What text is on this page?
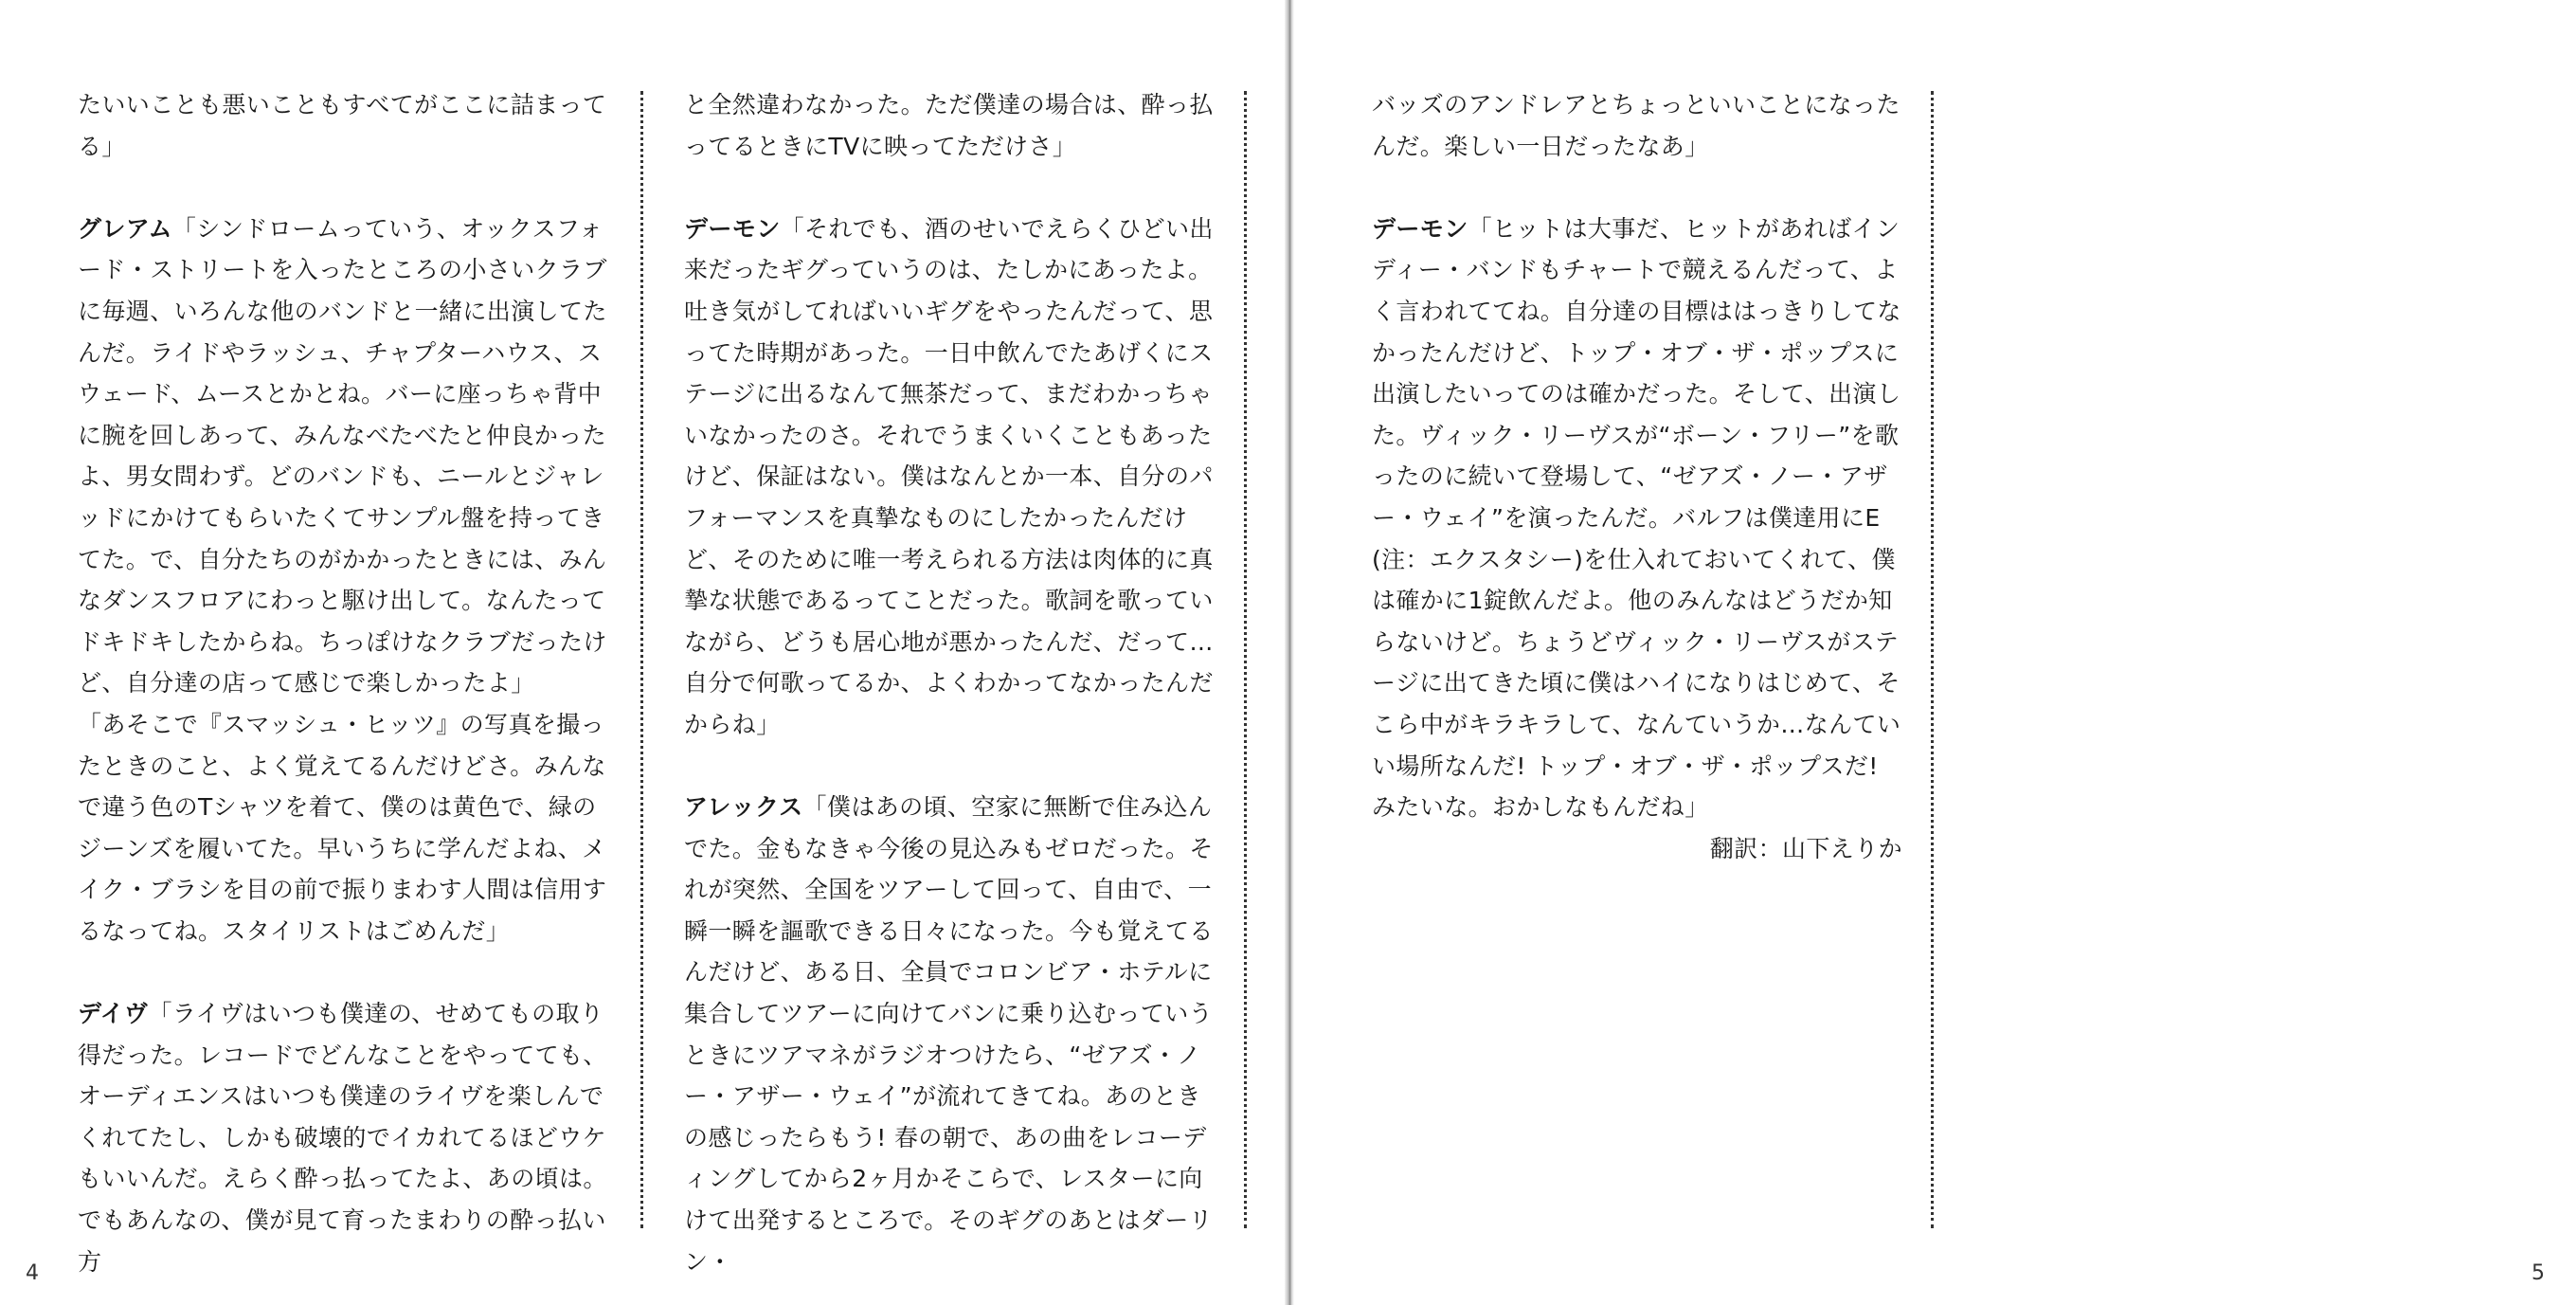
たいいことも悪いこともすべてがここに詰まってる」

グレアム「シンドロームっていう、オックスフォード・ストリートを入ったところの小さいクラブに毎週、いろんな他のバンドと一緒に出演してたんだ。ライドやラッシュ、チャプターハウス、スウェード、ムースとかとね。バーに座っちゃ背中に腕を回しあって、みんなべたべたと仲良かったよ、男女問わず。どのバンドも、ニールとジャレッドにかけてもらいたくてサンプル盤を持ってきてた。で、自分たちのがかかったときには、みんなダンスフロアにわっと駆け出して。なんたってドキドキしたからね。ちっぽけなクラブだったけど、自分達の店って感じで楽しかったよ」

「あそこで『スマッシュ・ヒッツ』の写真を撮ったときのこと、よく覚えてるんだけどさ。みんなで違う色のTシャツを着て、僕のは黄色で、緑のジーンズを履いてた。早いうちに学んだよね、メイク・ブラシを目の前で振りまわす人間は信用するなってね。スタイリストはごめんだ」

デイヴ「ライヴはいつも僕達の、せめてもの取り得だった。レコードでどんなことをやってても、オーディエンスはいつも僕達のライヴを楽しんでくれてたし、しかも破壊的でイカれてるほどウケもいいんだ。えらく酔っ払ってたよ、あの頃は。でもあんなの、僕が見て育ったまわりの酔っ払い方

と全然違わなかった。ただ僕達の場合は、酔っ払ってるときにTVに映ってただけさ」

デーモン「それでも、酒のせいでえらくひどい出来だったギグっていうのは、たしかにあったよ。吐き気がしてればいいギグをやったんだって、思ってた時期があった。一日中飲んでたあげくにステージに出るなんて無茶だって、まだわかっちゃいなかったのさ。それでうまくいくこともあったけど、保証はない。僕はなんとか一本、自分のパフォーマンスを真摯なものにしたかったんだけど、そのために唯一考えられる方法は肉体的に真摯な状態であるってことだった。歌詞を歌っていながら、どうも居心地が悪かったんだ、だって…自分で何歌ってるか、よくわかってなかったんだからね」

アレックス「僕はあの頃、空家に無断で住み込んでた。金もなきゃ今後の見込みもゼロだった。それが突然、全国をツアーして回って、自由で、一瞬一瞬を謳歌できる日々になった。今も覚えてるんだけど、ある日、全員でコロンビア・ホテルに集合してツアーに向けてバンに乗り込むっていうときにツアマネがラジオつけたら、“ゼアズ・ノー・アザー・ウェイ”が流れてきてね。あのときの感じったらもう! 春の朝で、あの曲をレコーディングしてから2ヶ月かそこらで、レスターに向けて出発するところで。そのギグのあとはダーリン・

バッズのアンドレアとちょっといいことになったんだ。楽しい一日だったなあ」

デーモン「ヒットは大事だ、ヒットがあればインディー・バンドもチャートで競えるんだって、よく言われててね。自分達の目標ははっきりしてなかったんだけど、トップ・オブ・ザ・ポップスに出演したいってのは確かだった。そして、出演した。ヴィック・リーヴスが“ボーン・フリー”を歌ったのに続いて登場して、“ゼアズ・ノー・アザー・ウェイ”を演ったんだ。バルフは僕達用にE(注：エクスタシー)を仕入れておいてくれて、僕は確かに1錠飲んだよ。他のみんなはどうだか知らないけど。ちょうどヴィック・リーヴスがステージに出てきた頃に僕はハイになりはじめて、そこら中がキラキラして、なんていうか…なんていい場所なんだ! トップ・オブ・ザ・ポップスだ! みたいな。おかしなもんだね」

翻訳：山下えりか

4	5
